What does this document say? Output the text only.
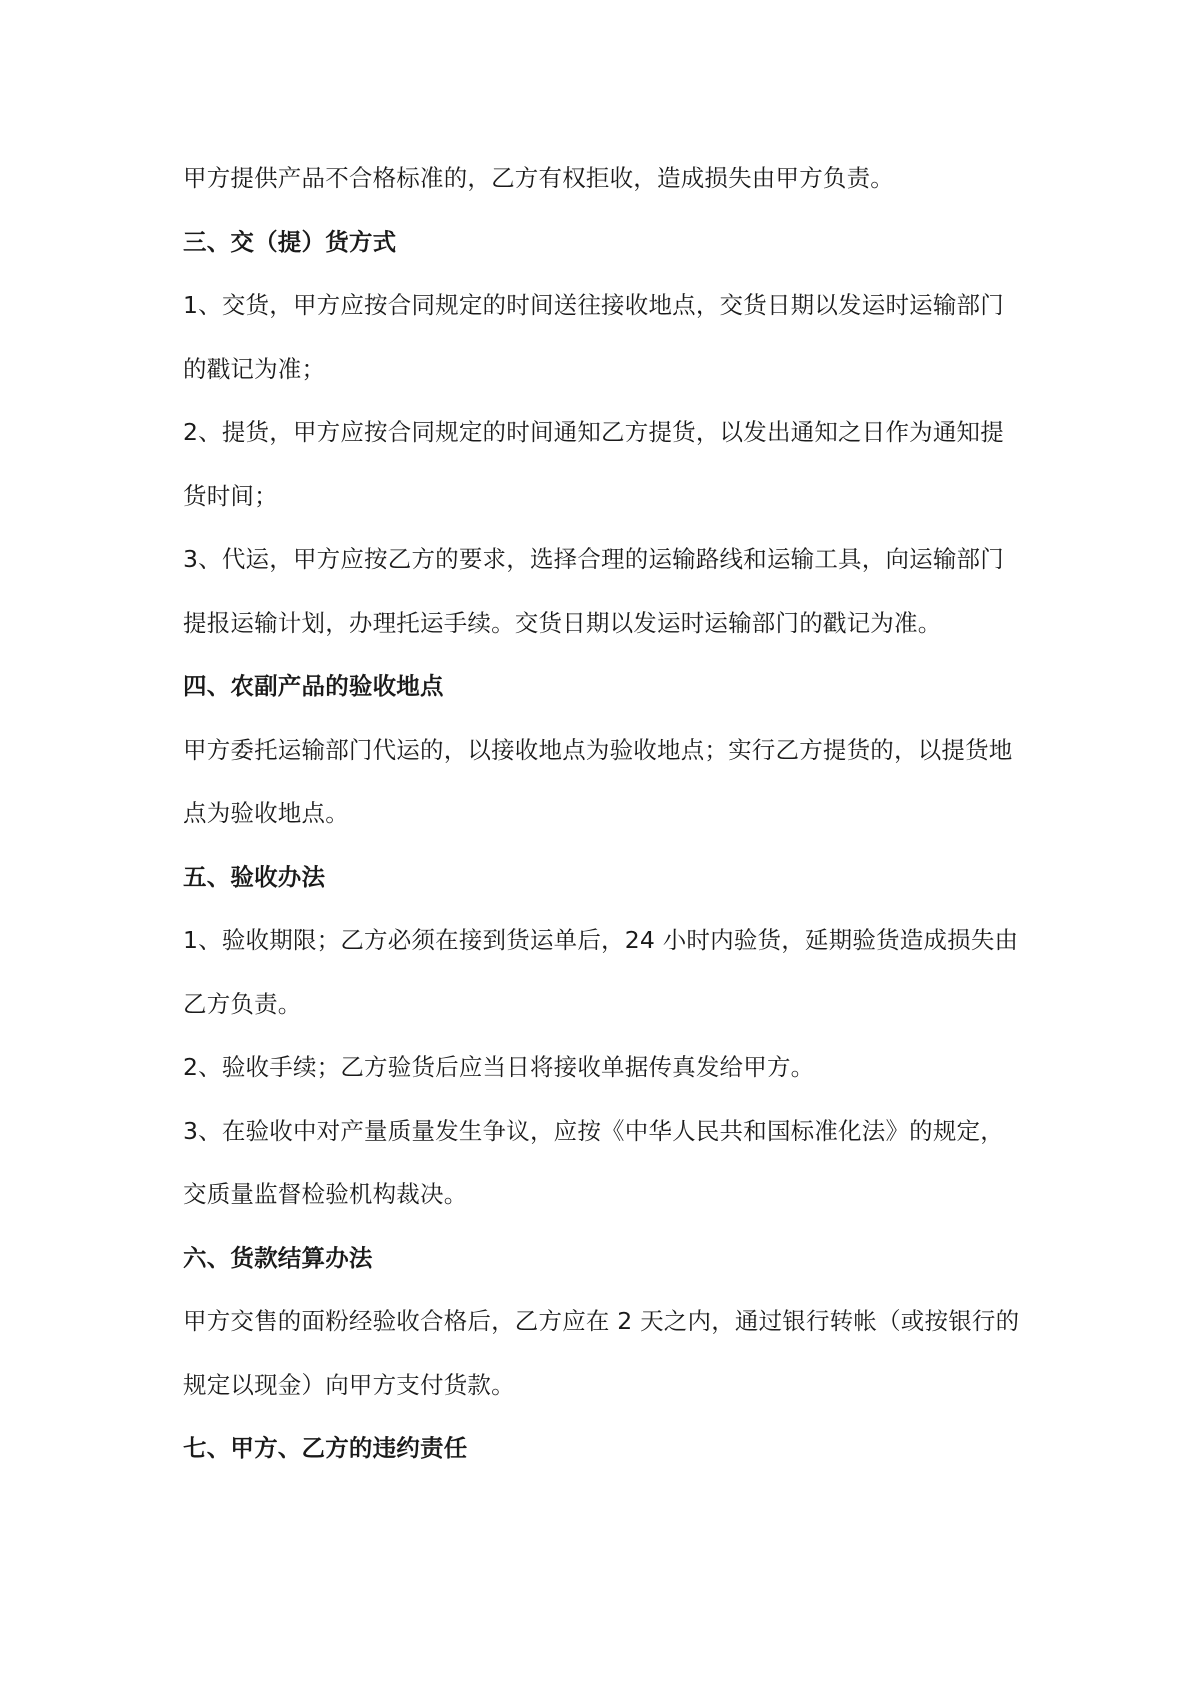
甲方提供产品不合格标准的，乙方有权拒收，造成损失由甲方负责。
三、交（提）货方式
1、交货，甲方应按合同规定的时间送往接收地点，交货日期以发运时运输部门
的戳记为准；
2、提货，甲方应按合同规定的时间通知乙方提货，以发出通知之日作为通知提
货时间；
3、代运，甲方应按乙方的要求，选择合理的运输路线和运输工具，向运输部门
提报运输计划，办理托运手续。交货日期以发运时运输部门的戳记为准。
四、农副产品的验收地点
甲方委托运输部门代运的，以接收地点为验收地点；实行乙方提货的，以提货地
点为验收地点。
五、验收办法
1、验收期限；乙方必须在接到货运单后，24 小时内验货，延期验货造成损失由
乙方负责。
2、验收手续；乙方验货后应当日将接收单据传真发给甲方。
3、在验收中对产量质量发生争议，应按《中华人民共和国标准化法》的规定，
交质量监督检验机构裁决。
六、货款结算办法
甲方交售的面粉经验收合格后，乙方应在 2 天之内，通过银行转帐（或按银行的
规定以现金）向甲方支付货款。
七、甲方、乙方的违约责任
